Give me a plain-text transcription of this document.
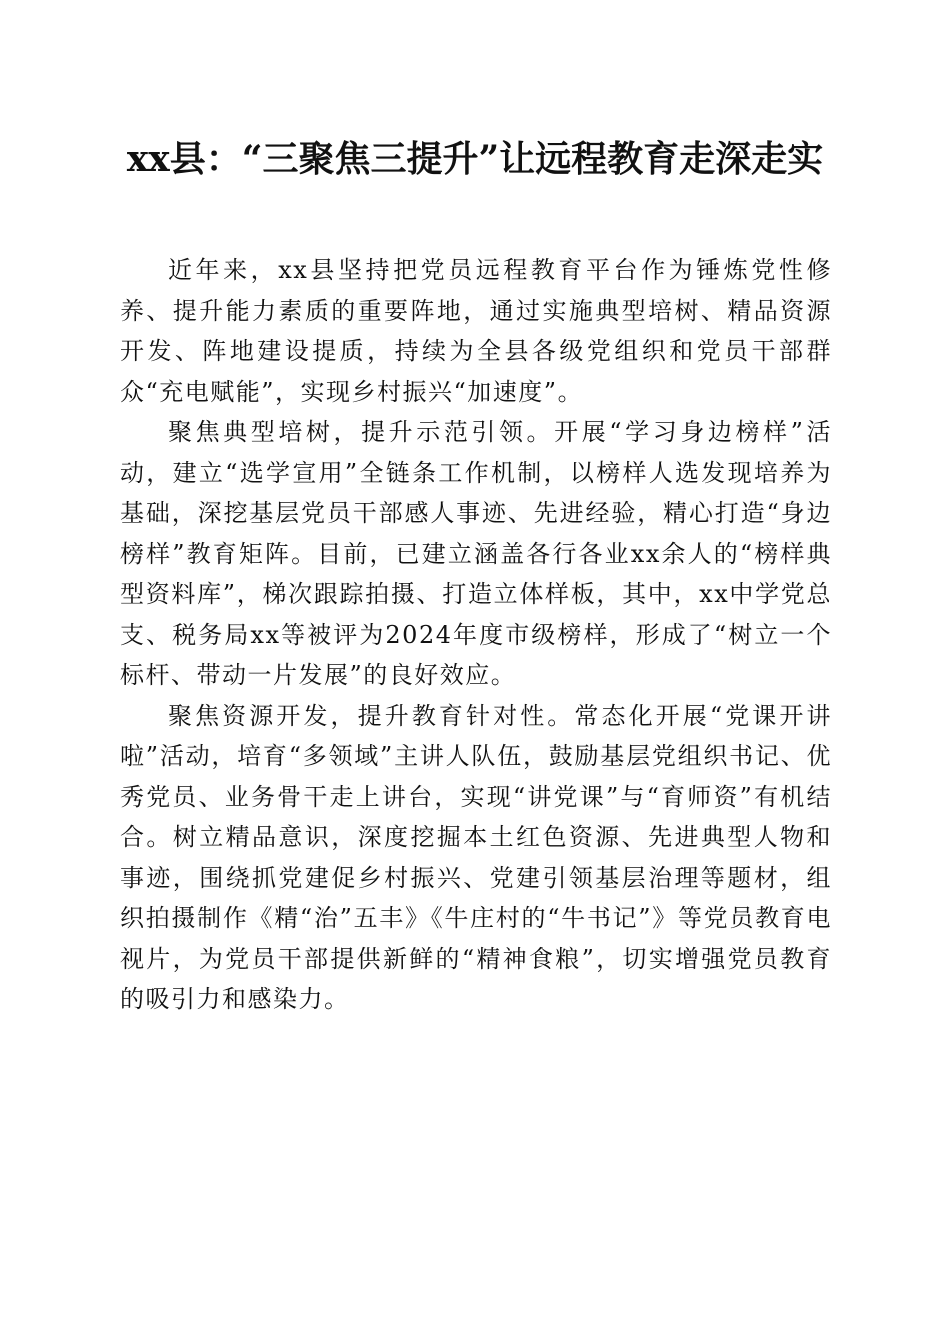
xx县：“三聚焦三提升”让远程教育走深走实

近年来，xx县坚持把党员远程教育平台作为锤炼党性修养、提升能力素质的重要阵地，通过实施典型培树、精品资源开发、阵地建设提质，持续为全县各级党组织和党员干部群众“充电赋能”，实现乡村振兴“加速度”。

聚焦典型培树，提升示范引领。开展“学习身边榜样”活动，建立“选学宣用”全链条工作机制，以榜样人选发现培养为基础，深挖基层党员干部感人事迹、先进经验，精心打造“身边榜样”教育矩阵。目前，已建立涵盖各行各业xx余人的“榜样典型资料库”，梯次跟踪拍摄、打造立体样板，其中，xx中学党总支、税务局xx等被评为2024年度市级榜样，形成了“树立一个标杆、带动一片发展”的良好效应。

聚焦资源开发，提升教育针对性。常态化开展“党课开讲啦”活动，培育“多领域”主讲人队伍，鼓励基层党组织书记、优秀党员、业务骨干走上讲台，实现“讲党课”与“育师资”有机结合。树立精品意识，深度挖掘本土红色资源、先进典型人物和事迹，围绕抓党建促乡村振兴、党建引领基层治理等题材，组织拍摄制作《精“治”五丰》《牛庄村的“牛书记”》等党员教育电视片，为党员干部提供新鲜的“精神食粮”，切实增强党员教育的吸引力和感染力。
